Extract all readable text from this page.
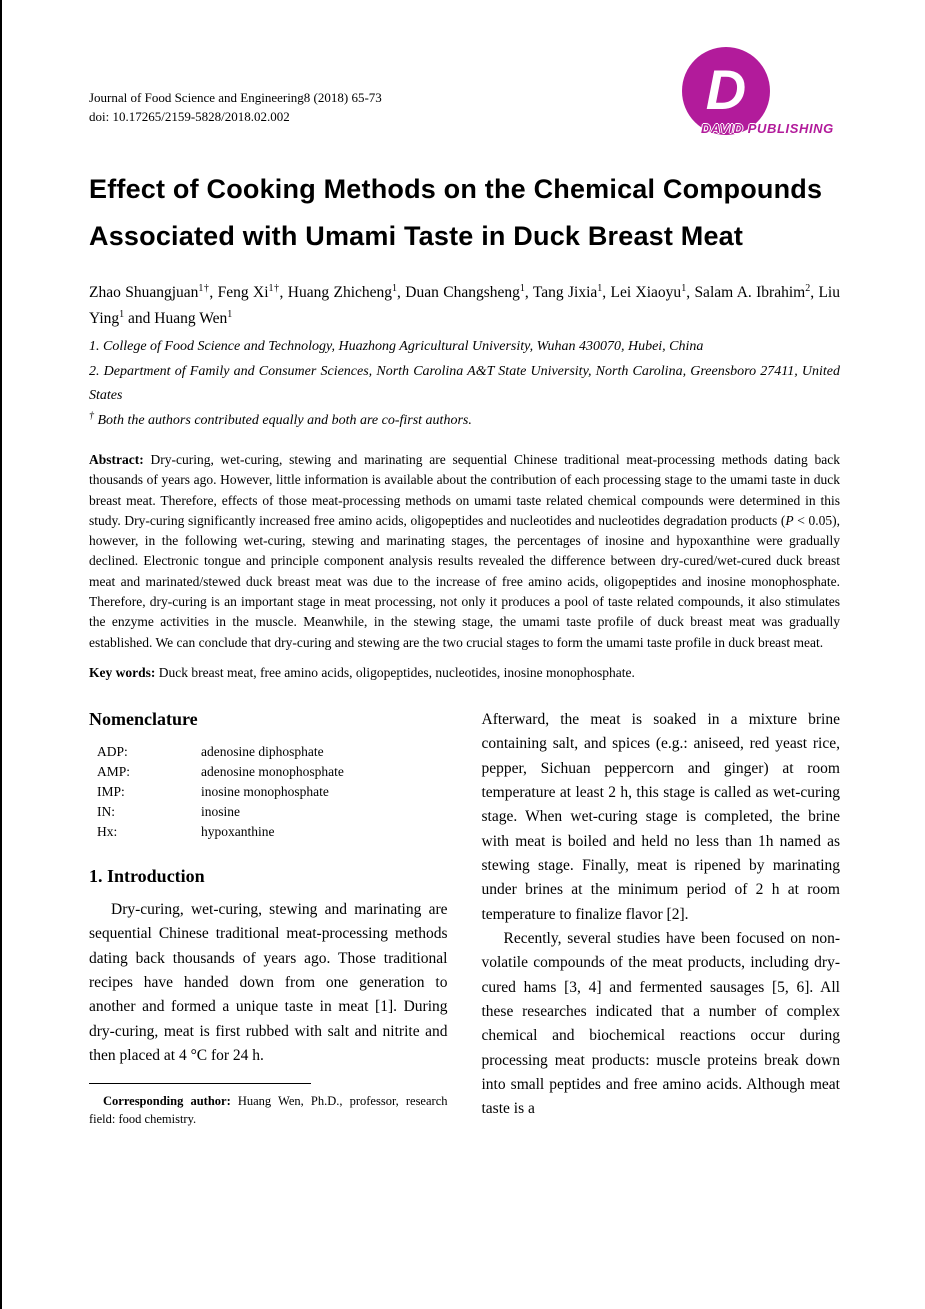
Journal of Food Science and Engineering8 (2018) 65-73
doi: 10.17265/2159-5828/2018.02.002	D
DAVID PUBLISHING
Effect of Cooking Methods on the Chemical Compounds
Associated with Umami Taste in Duck Breast Meat
Zhao Shuangjuan$^{1\dagger}$, Feng $Xi^{1\dagger}$, Huang Zhicheng$^1$, Duan Changsheng$^1$, Tang Jixia$^1$, Lei Xiaoyu$^1$, Salam A. Ibrahim$^2$, Liu Ying$^1$ and Huang Wen$^1$
1. College of Food Science and Technology, Huazhong Agricultural University, Wuhan 430070, Hubei, China
2. Department of Family and Consumer Sciences, North Carolina A&T State University, North Carolina, Greensboro 27411, United States
† Both the authors contributed equally and both are co-first authors.
Abstract: Dry-curing, wet-curing, stewing and marinating are sequential Chinese traditional meat-processing methods dating back thousands of years ago. However, little information is available about the contribution of each processing stage to the umami taste in duck breast meat. Therefore, effects of those meat-processing methods on umami taste related chemical compounds were determined in this study. Dry-curing significantly increased free amino acids, oligopeptides and nucleotides and nucleotides degradation products (P < 0.05), however, in the following wet-curing, stewing and marinating stages, the percentages of inosine and hypoxanthine were gradually declined. Electronic tongue and principle component analysis results revealed the difference between dry-cured/wet-cured duck breast meat and marinated/stewed duck breast meat was due to the increase of free amino acids, oligopeptides and inosine monophosphate. Therefore, dry-curing is an important stage in meat processing, not only it produces a pool of taste related compounds, it also stimulates the enzyme activities in the muscle. Meanwhile, in the stewing stage, the umami taste profile of duck breast meat was gradually established. We can conclude that dry-curing and stewing are the two crucial stages to form the umami taste profile in duck breast meat.
Key words: Duck breast meat, free amino acids, oligopeptides, nucleotides, inosine monophosphate.
Nomenclature
ADP:	adenosine diphosphate
AMP:	adenosine monophosphate
IMP:	inosine monophosphate
IN:	inosine
Hx:	hypoxanthine
1. Introduction
Dry-curing, wet-curing, stewing and marinating are sequential Chinese traditional meat-processing methods dating back thousands of years ago. Those traditional recipes have handed down from one generation to another and formed a unique taste in meat [1]. During dry-curing, meat is first rubbed with salt and nitrite and then placed at 4 °C for 24 h.
Corresponding author: Huang Wen, Ph.D., professor, research field: food chemistry.
Afterward, the meat is soaked in a mixture brine containing salt, and spices (e.g.: aniseed, red yeast rice, pepper, Sichuan peppercorn and ginger) at room temperature at least 2 h, this stage is called as wet-curing stage. When wet-curing stage is completed, the brine with meat is boiled and held no less than 1h named as stewing stage. Finally, meat is ripened by marinating under brines at the minimum period of 2 h at room temperature to finalize flavor [2].
Recently, several studies have been focused on non-volatile compounds of the meat products, including dry-cured hams [3, 4] and fermented sausages [5, 6]. All these researches indicated that a number of complex chemical and biochemical reactions occur during processing meat products: muscle proteins break down into small peptides and free amino acids. Although meat taste is a
